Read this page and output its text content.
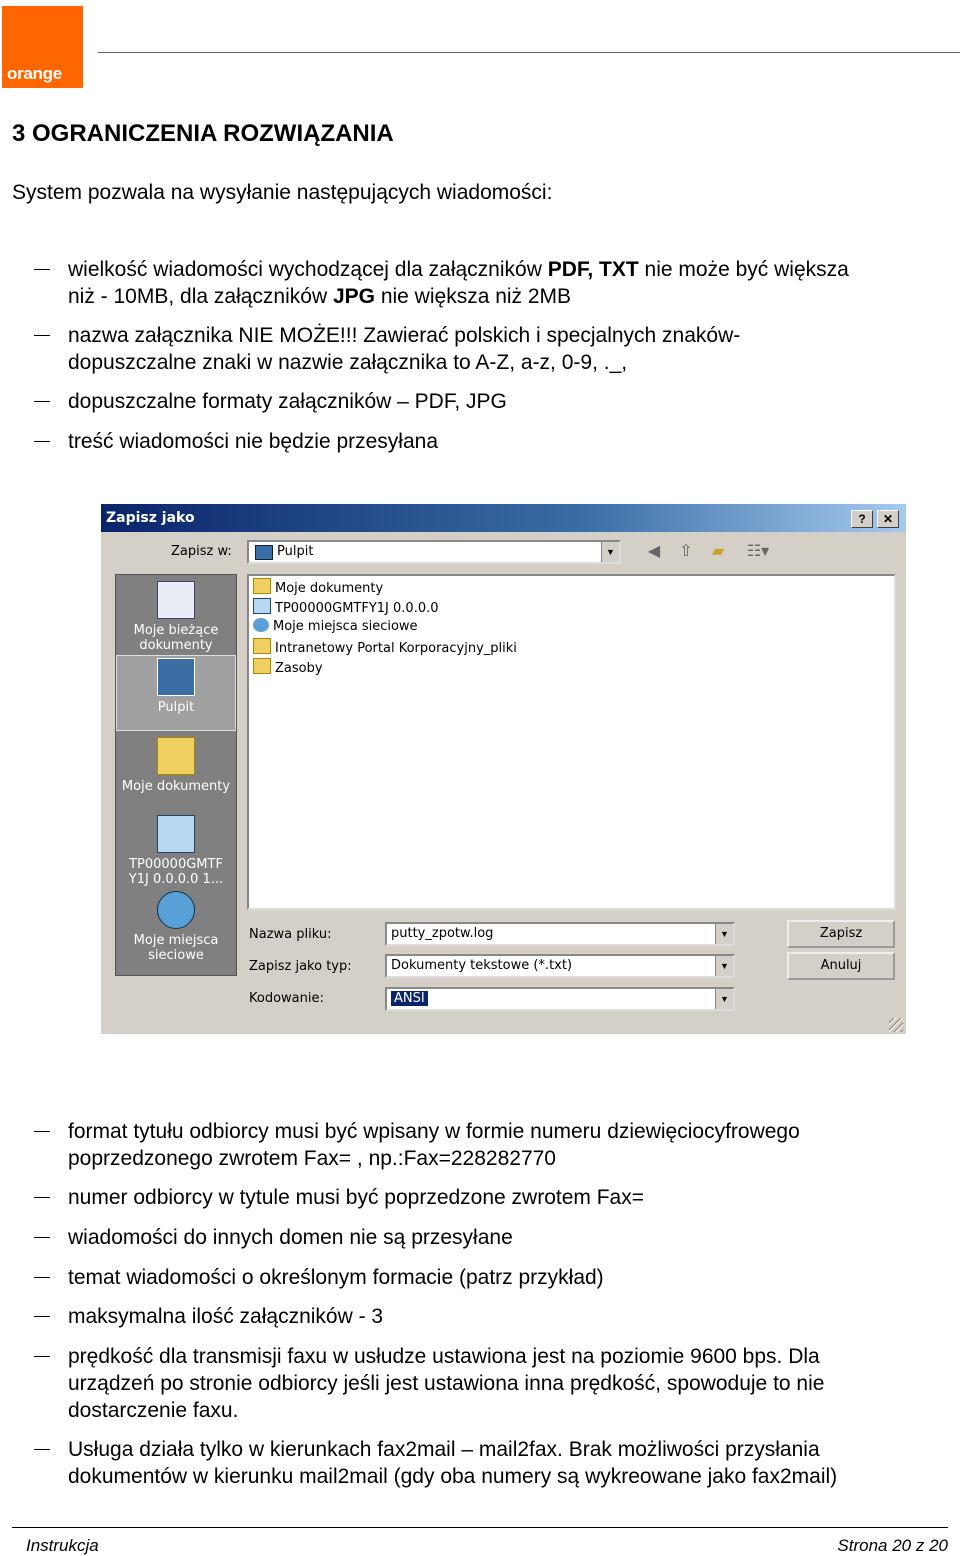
orange
3 OGRANICZENIA ROZWIĄZANIA
System pozwala na wysyłanie następujących wiadomości:
wielkość wiadomości wychodzącej dla załączników PDF, TXT nie może być większa
niż - 10MB, dla załączników JPG nie większa niż 2MB
nazwa załącznika NIE MOŻE!!! Zawierać polskich i specjalnych znaków-
dopuszczalne znaki w nazwie załącznika to A-Z, a-z, 0-9, ._,
dopuszczalne formaty załączników – PDF, JPG
treść wiadomości nie będzie przesyłana
Zapisz jako	?	✕
Zapisz w:	Pulpit	▼	◀	⇧	▰	☷▾
Moje bieżące dokumenty
Pulpit
Moje dokumenty
TP00000GMTF Y1J 0.0.0.0 1...
Moje miejsca sieciowe
Moje dokumenty
TP00000GMTFY1J 0.0.0.0
Moje miejsca sieciowe
Intranetowy Portal Korporacyjny_pliki
Zasoby
Nazwa pliku:	putty_zpotw.log	▼
Zapisz jako typ:	Dokumenty tekstowe (*.txt)	▼
Kodowanie:	ANSI	▼
Zapisz
Anuluj
format tytułu odbiorcy musi być wpisany w formie numeru dziewięciocyfrowego
poprzedzonego zwrotem Fax= , np.:Fax=228282770
numer odbiorcy w tytule musi być poprzedzone zwrotem Fax=
wiadomości do innych domen nie są przesyłane
temat wiadomości o określonym formacie (patrz przykład)
maksymalna ilość załączników - 3
prędkość dla transmisji faxu w usłudze ustawiona jest na poziomie 9600 bps. Dla
urządzeń po stronie odbiorcy jeśli jest ustawiona inna prędkość, spowoduje to nie
dostarczenie faxu.
Usługa działa tylko w kierunkach fax2mail – mail2fax. Brak możliwości przysłania
dokumentów w kierunku mail2mail (gdy oba numery są wykreowane jako fax2mail)
Instrukcja	Strona 20 z 20
